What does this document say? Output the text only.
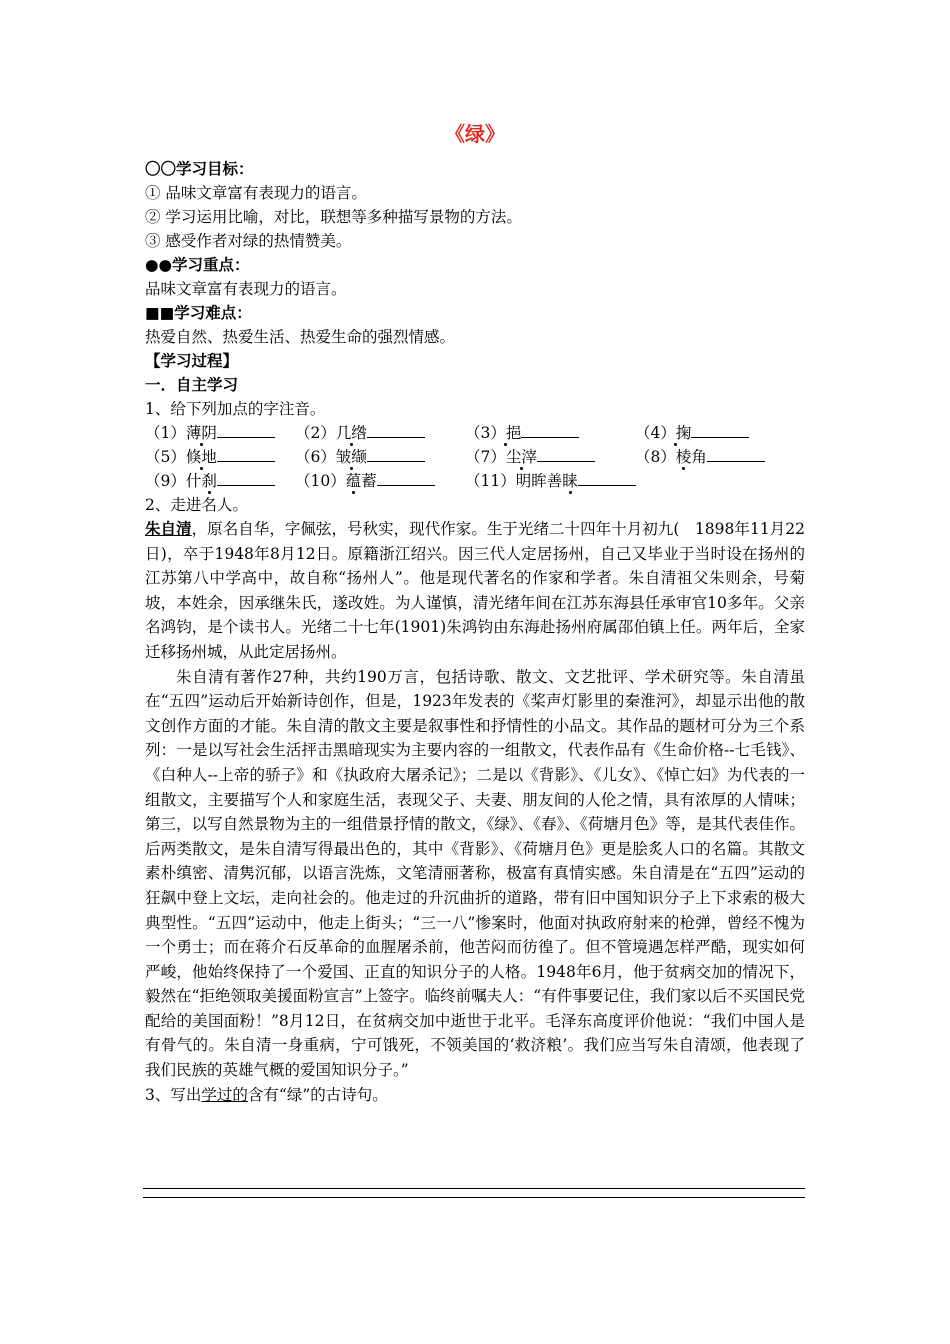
《绿》

〇〇学习目标：

① 品味文章富有表现力的语言。

② 学习运用比喻，对比，联想等多种描写景物的方法。

③ 感受作者对绿的热情赞美。

●●学习重点：

品味文章富有表现力的语言。

■■学习难点：

热爱自然、热爱生活、热爱生命的强烈情感。

【学习过程】

一．自主学习

1、给下列加点的字注音。

（1）薄阴	（2）几绺	（3）挹	（4）掬
（5）倏地	（6）皱缬	（7）尘滓	（8）棱角
（9）什刹	（10）蕴蓄	（11）明眸善睐

2、走进名人。

朱自清，原名自华，字佩弦，号秋实，现代作家。生于光绪二十四年十月初九(　1898年11月22日)，卒于1948年8月12日。原籍浙江绍兴。因三代人定居扬州，自己又毕业于当时设在扬州的江苏第八中学高中，故自称“扬州人”。他是现代著名的作家和学者。朱自清祖父朱则余，号菊坡，本姓余，因承继朱氏，遂改姓。为人谨慎，清光绪年间在江苏东海县任承审官10多年。父亲名鸿钧，是个读书人。光绪二十七年(1901)朱鸿钧由东海赴扬州府属邵伯镇上任。两年后，全家迁移扬州城，从此定居扬州。

朱自清有著作27种，共约190万言，包括诗歌、散文、文艺批评、学术研究等。朱自清虽在“五四”运动后开始新诗创作，但是，1923年发表的《桨声灯影里的秦淮河》，却显示出他的散文创作方面的才能。朱自清的散文主要是叙事性和抒情性的小品文。其作品的题材可分为三个系列：一是以写社会生活抨击黑暗现实为主要内容的一组散文，代表作品有《生命价格--七毛钱》、《白种人--上帝的骄子》和《执政府大屠杀记》；二是以《背影》、《儿女》、《悼亡妇》为代表的一组散文，主要描写个人和家庭生活，表现父子、夫妻、朋友间的人伦之情，具有浓厚的人情味；第三，以写自然景物为主的一组借景抒情的散文，《绿》、《春》、《荷塘月色》等，是其代表佳作。后两类散文，是朱自清写得最出色的，其中《背影》、《荷塘月色》更是脍炙人口的名篇。其散文素朴缜密、清隽沉郁，以语言洗炼，文笔清丽著称，极富有真情实感。朱自清是在“五四”运动的狂飙中登上文坛，走向社会的。他走过的升沉曲折的道路，带有旧中国知识分子上下求索的极大典型性。“五四”运动中，他走上街头；“三一八”惨案时，他面对执政府射来的枪弹，曾经不愧为一个勇士；而在蒋介石反革命的血腥屠杀前，他苦闷而彷徨了。但不管境遇怎样严酷，现实如何严峻，他始终保持了一个爱国、正直的知识分子的人格。1948年6月，他于贫病交加的情况下，毅然在“拒绝领取美援面粉宣言”上签字。临终前嘱夫人：“有件事要记住，我们家以后不买国民党配给的美国面粉！”8月12日，在贫病交加中逝世于北平。毛泽东高度评价他说：“我们中国人是有骨气的。朱自清一身重病，宁可饿死，不领美国的‘救济粮’。我们应当写朱自清颂，他表现了我们民族的英雄气概的爱国知识分子。”

3、写出学过的含有“绿”的古诗句。
